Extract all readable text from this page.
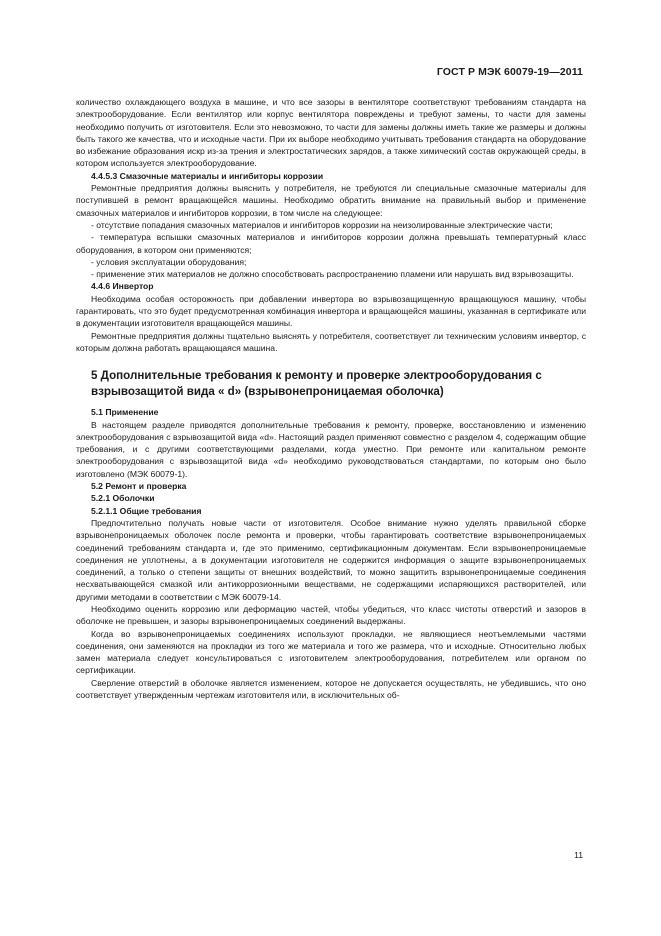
ГОСТ Р МЭК 60079-19—2011

количество охлаждающего воздуха в машине, и что все зазоры в вентиляторе соответствуют требованиям стандарта на электрооборудование. Если вентилятор или корпус вентилятора повреждены и требуют замены, то части для замены необходимо получить от изготовителя. Если это невозможно, то части для замены должны иметь такие же размеры и должны быть такого же качества, что и исходные части. При их выборе необходимо учитывать требования стандарта на оборудование во избежание образования искр из-за трения и электростатических зарядов, а также химический состав окружающей среды, в котором используется электрооборудование.

4.4.5.3 Смазочные материалы и ингибиторы коррозии

Ремонтные предприятия должны выяснить у потребителя, не требуются ли специальные смазочные материалы для поступившей в ремонт вращающейся машины. Необходимо обратить внимание на правильный выбор и применение смазочных материалов и ингибиторов коррозии, в том числе на следующее:

- отсутствие попадания смазочных материалов и ингибиторов коррозии на неизолированные электрические части;

- температура вспышки смазочных материалов и ингибиторов коррозии должна превышать температурный класс оборудования, в котором они применяются;

- условия эксплуатации оборудования;

- применение этих материалов не должно способствовать распространению пламени или нарушать вид взрывозащиты.

4.4.6 Инвертор

Необходима особая осторожность при добавлении инвертора во взрывозащищенную вращающуюся машину, чтобы гарантировать, что это будет предусмотренная комбинация инвертора и вращающейся машины, указанная в сертификате или в документации изготовителя вращающейся машины.

Ремонтные предприятия должны тщательно выяснять у потребителя, соответствует ли техническим условиям инвертор, с которым должна работать вращающаяся машина.

5 Дополнительные требования к ремонту и проверке электрооборудования с взрывозащитой вида « d» (взрывонепроницаемая оболочка)
5.1 Применение

В настоящем разделе приводятся дополнительные требования к ремонту, проверке, восстановлению и изменению электрооборудования с взрывозащитой вида «d». Настоящий раздел применяют совместно с разделом 4, содержащим общие требования, и с другими соответствующими разделами, когда уместно. При ремонте или капитальном ремонте электрооборудования с взрывозащитой вида «d» необходимо руководствоваться стандартами, по которым оно было изготовлено (МЭК 60079-1).

5.2 Ремонт и проверка
5.2.1 Оболочки
5.2.1.1 Общие требования

Предпочтительно получать новые части от изготовителя. Особое внимание нужно уделять правильной сборке взрывонепроницаемых оболочек после ремонта и проверки, чтобы гарантировать соответствие взрывонепроницаемых соединений требованиям стандарта и, где это применимо, сертификационным документам. Если взрывонепроницаемые соединения не уплотнены, а в документации изготовителя не содержится информация о защите взрывонепроницаемых соединений, а только о степени защиты от внешних воздействий, то можно защитить взрывонепроницаемые соединения несхватывающейся смазкой или антикоррозионными веществами, не содержащими испаряющихся растворителей, или другими методами в соответствии с МЭК 60079-14.

Необходимо оценить коррозию или деформацию частей, чтобы убедиться, что класс чистоты отверстий и зазоров в оболочке не превышен, и зазоры взрывонепроницаемых соединений выдержаны.

Когда во взрывонепроницаемых соединениях используют прокладки, не являющиеся неотъемлемыми частями соединения, они заменяются на прокладки из того же материала и того же размера, что и исходные. Относительно любых замен материала следует консультироваться с изготовителем электрооборудования, потребителем или органом по сертификации.

Сверление отверстий в оболочке является изменением, которое не допускается осуществлять, не убедившись, что оно соответствует утвержденным чертежам изготовителя или, в исключительных об-

11
